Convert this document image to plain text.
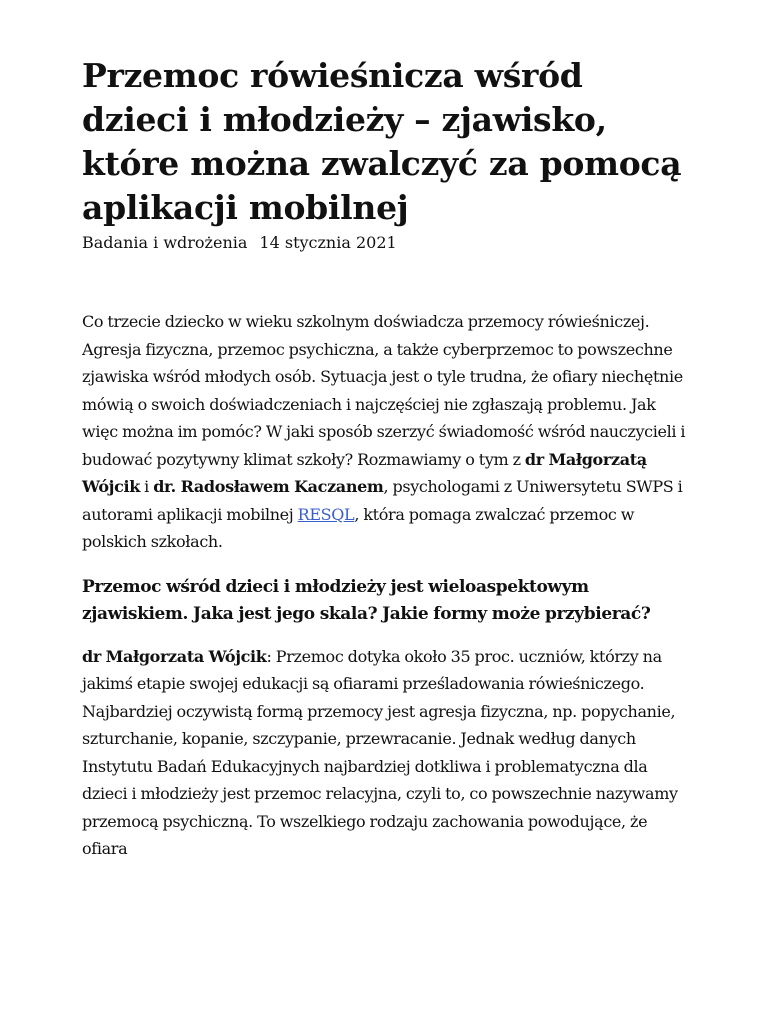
Przemoc rówieśnicza wśród dzieci i młodzieży – zjawisko, które można zwalczyć za pomocą aplikacji mobilnej
Badania i wdrożenia 14 stycznia 2021

Co trzecie dziecko w wieku szkolnym doświadcza przemocy rówieśniczej. Agresja fizyczna, przemoc psychiczna, a także cyberprzemoc to powszechne zjawiska wśród młodych osób. Sytuacja jest o tyle trudna, że ofiary niechętnie mówią o swoich doświadczeniach i najczęściej nie zgłaszają problemu. Jak więc można im pomóc? W jaki sposób szerzyć świadomość wśród nauczycieli i budować pozytywny klimat szkoły? Rozmawiamy o tym z dr Małgorzatą Wójcik i dr. Radosławem Kaczanem, psychologami z Uniwersytetu SWPS i autorami aplikacji mobilnej RESQL, która pomaga zwalczać przemoc w polskich szkołach.

Przemoc wśród dzieci i młodzieży jest wieloaspektowym zjawiskiem. Jaka jest jego skala? Jakie formy może przybierać?

dr Małgorzata Wójcik: Przemoc dotyka około 35 proc. uczniów, którzy na jakimś etapie swojej edukacji są ofiarami prześladowania rówieśniczego. Najbardziej oczywistą formą przemocy jest agresja fizyczna, np. popychanie, szturchanie, kopanie, szczypanie, przewracanie. Jednak według danych Instytutu Badań Edukacyjnych najbardziej dotkliwa i problematyczna dla dzieci i młodzieży jest przemoc relacyjna, czyli to, co powszechnie nazywamy przemocą psychiczną. To wszelkiego rodzaju zachowania powodujące, że ofiara
